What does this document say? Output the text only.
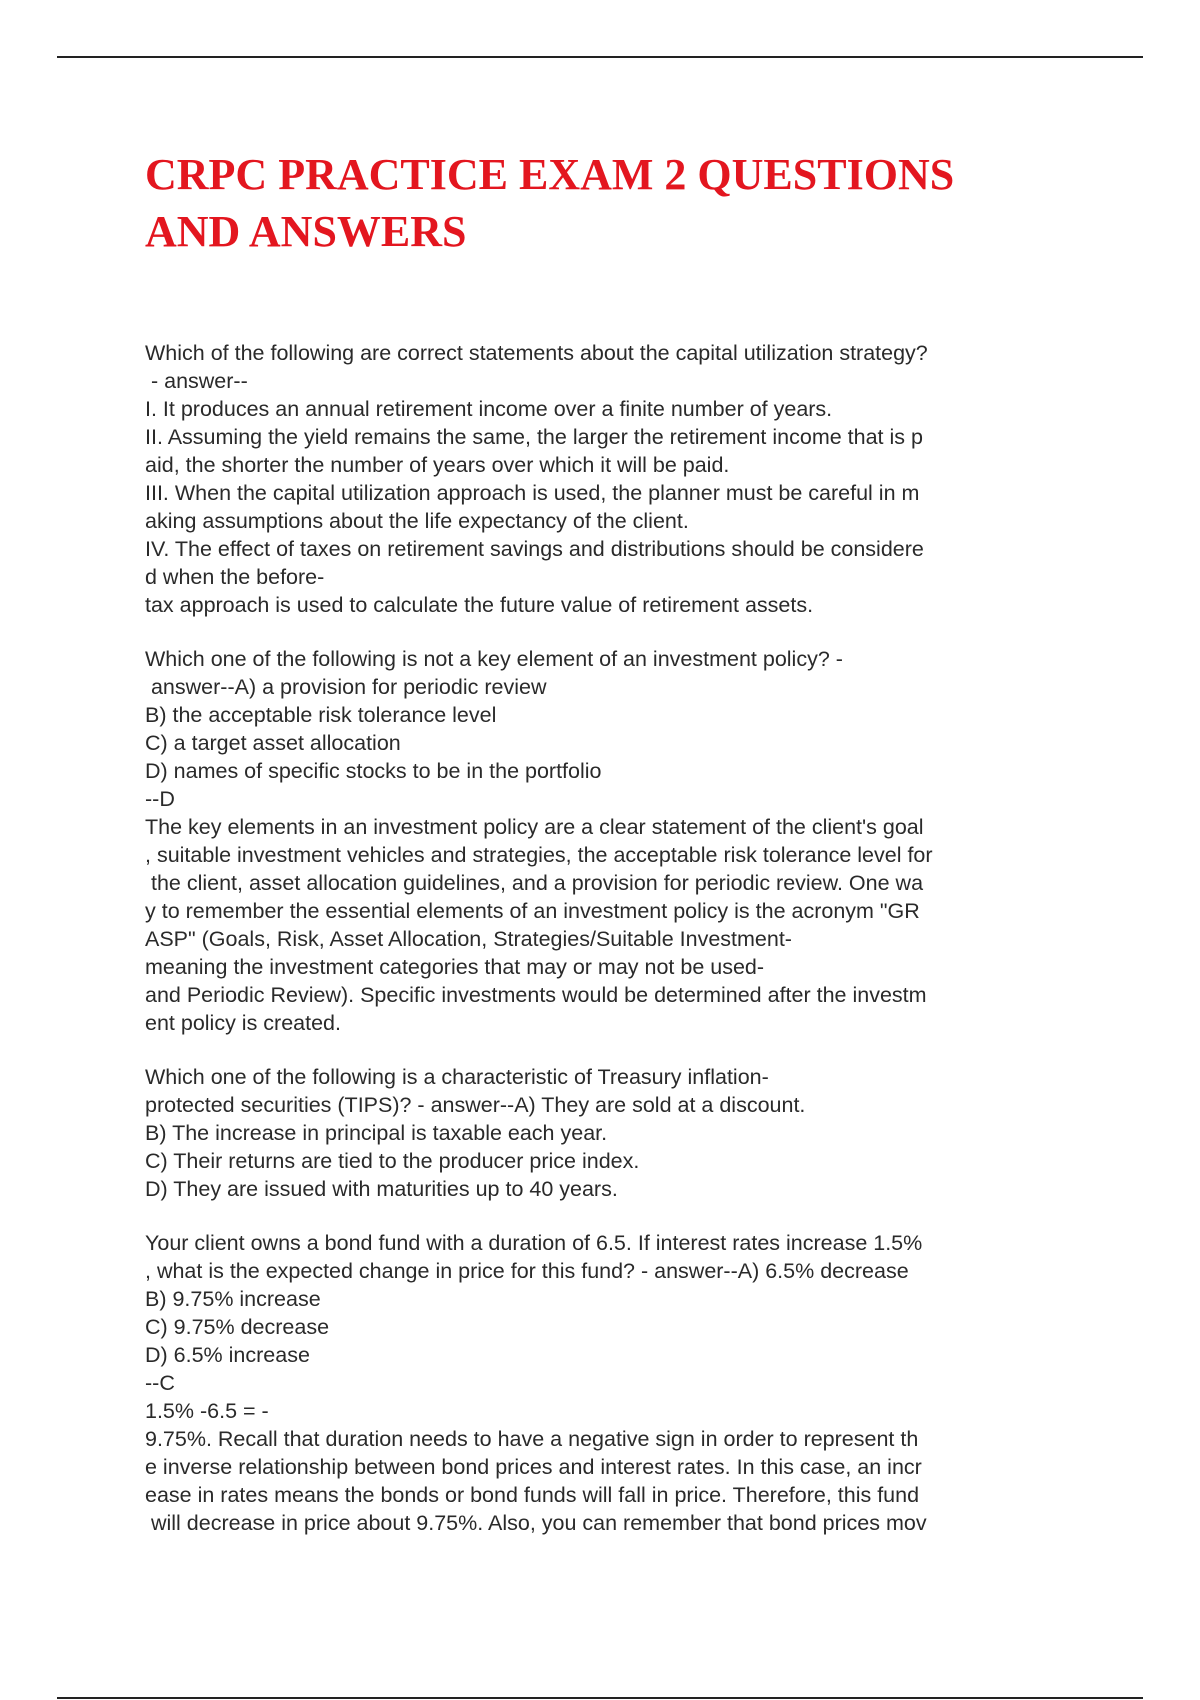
CRPC PRACTICE EXAM 2 QUESTIONS
AND ANSWERS
Which of the following are correct statements about the capital utilization strategy?
- answer--
I. It produces an annual retirement income over a finite number of years.
II. Assuming the yield remains the same, the larger the retirement income that is p
aid, the shorter the number of years over which it will be paid.
III. When the capital utilization approach is used, the planner must be careful in m
aking assumptions about the life expectancy of the client.
IV. The effect of taxes on retirement savings and distributions should be considere
d when the before-
tax approach is used to calculate the future value of retirement assets.
Which one of the following is not a key element of an investment policy? -
answer--A) a provision for periodic review
B) the acceptable risk tolerance level
C) a target asset allocation
D) names of specific stocks to be in the portfolio
--D
The key elements in an investment policy are a clear statement of the client's goal
, suitable investment vehicles and strategies, the acceptable risk tolerance level for
the client, asset allocation guidelines, and a provision for periodic review. One wa
y to remember the essential elements of an investment policy is the acronym "GR
ASP" (Goals, Risk, Asset Allocation, Strategies/Suitable Investment-
meaning the investment categories that may or may not be used-
and Periodic Review). Specific investments would be determined after the investm
ent policy is created.
Which one of the following is a characteristic of Treasury inflation-
protected securities (TIPS)? - answer--A) They are sold at a discount.
B) The increase in principal is taxable each year.
C) Their returns are tied to the producer price index.
D) They are issued with maturities up to 40 years.
Your client owns a bond fund with a duration of 6.5. If interest rates increase 1.5%
, what is the expected change in price for this fund? - answer--A) 6.5% decrease
B) 9.75% increase
C) 9.75% decrease
D) 6.5% increase
--C
1.5% -6.5 = -
9.75%. Recall that duration needs to have a negative sign in order to represent th
e inverse relationship between bond prices and interest rates. In this case, an incr
ease in rates means the bonds or bond funds will fall in price. Therefore, this fund
will decrease in price about 9.75%. Also, you can remember that bond prices mov
